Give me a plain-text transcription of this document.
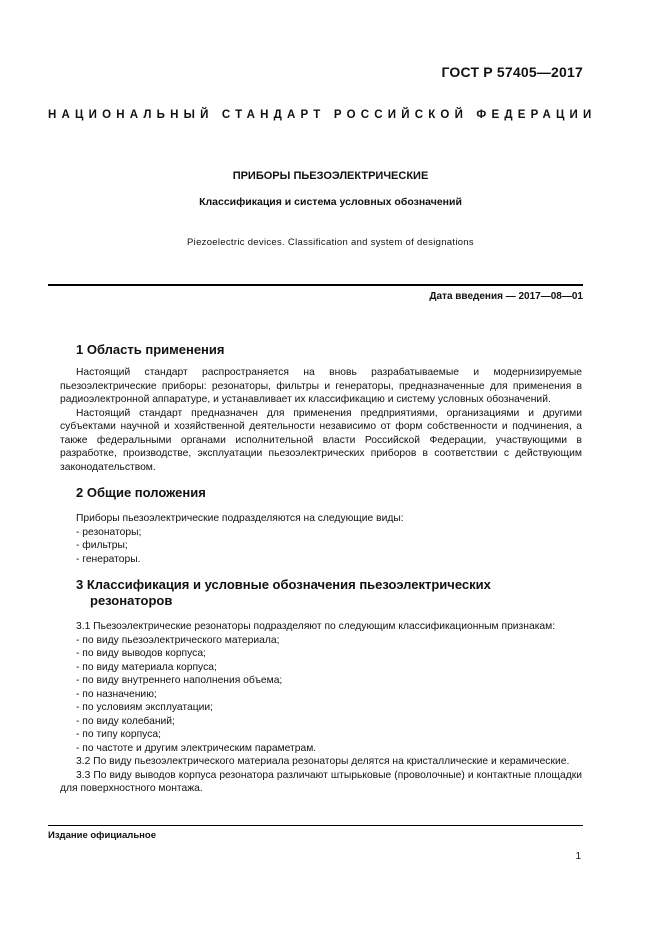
ГОСТ Р 57405—2017
НАЦИОНАЛЬНЫЙ СТАНДАРТ РОССИЙСКОЙ ФЕДЕРАЦИИ
ПРИБОРЫ ПЬЕЗОЭЛЕКТРИЧЕСКИЕ
Классификация и система условных обозначений
Piezoelectric devices. Classification and system of designations
Дата введения — 2017—08—01
1 Область применения

Настоящий стандарт распространяется на вновь разрабатываемые и модернизируемые пьезоэлектрические приборы: резонаторы, фильтры и генераторы, предназначенные для применения в радиоэлектронной аппаратуре, и устанавливает их классификацию и систему условных обозначений.

Настоящий стандарт предназначен для применения предприятиями, организациями и другими субъектами научной и хозяйственной деятельности независимо от форм собственности и подчинения, а также федеральными органами исполнительной власти Российской Федерации, участвующими в разработке, производстве, эксплуатации пьезоэлектрических приборов в соответствии с действующим законодательством.

2 Общие положения

Приборы пьезоэлектрические подразделяются на следующие виды:

- резонаторы;
- фильтры;
- генераторы.
3 Классификация и условные обозначения пьезоэлектрических
резонаторов

3.1 Пьезоэлектрические резонаторы подразделяют по следующим классификационным признакам:

- по виду пьезоэлектрического материала;
- по виду выводов корпуса;
- по виду материала корпуса;
- по виду внутреннего наполнения объема;
- по назначению;
- по условиям эксплуатации;
- по виду колебаний;
- по типу корпуса;
- по частоте и другим электрическим параметрам.

3.2 По виду пьезоэлектрического материала резонаторы делятся на кристаллические и керамические.

3.3 По виду выводов корпуса резонатора различают штырьковые (проволочные) и контактные площадки для поверхностного монтажа.

Издание официальное
1
